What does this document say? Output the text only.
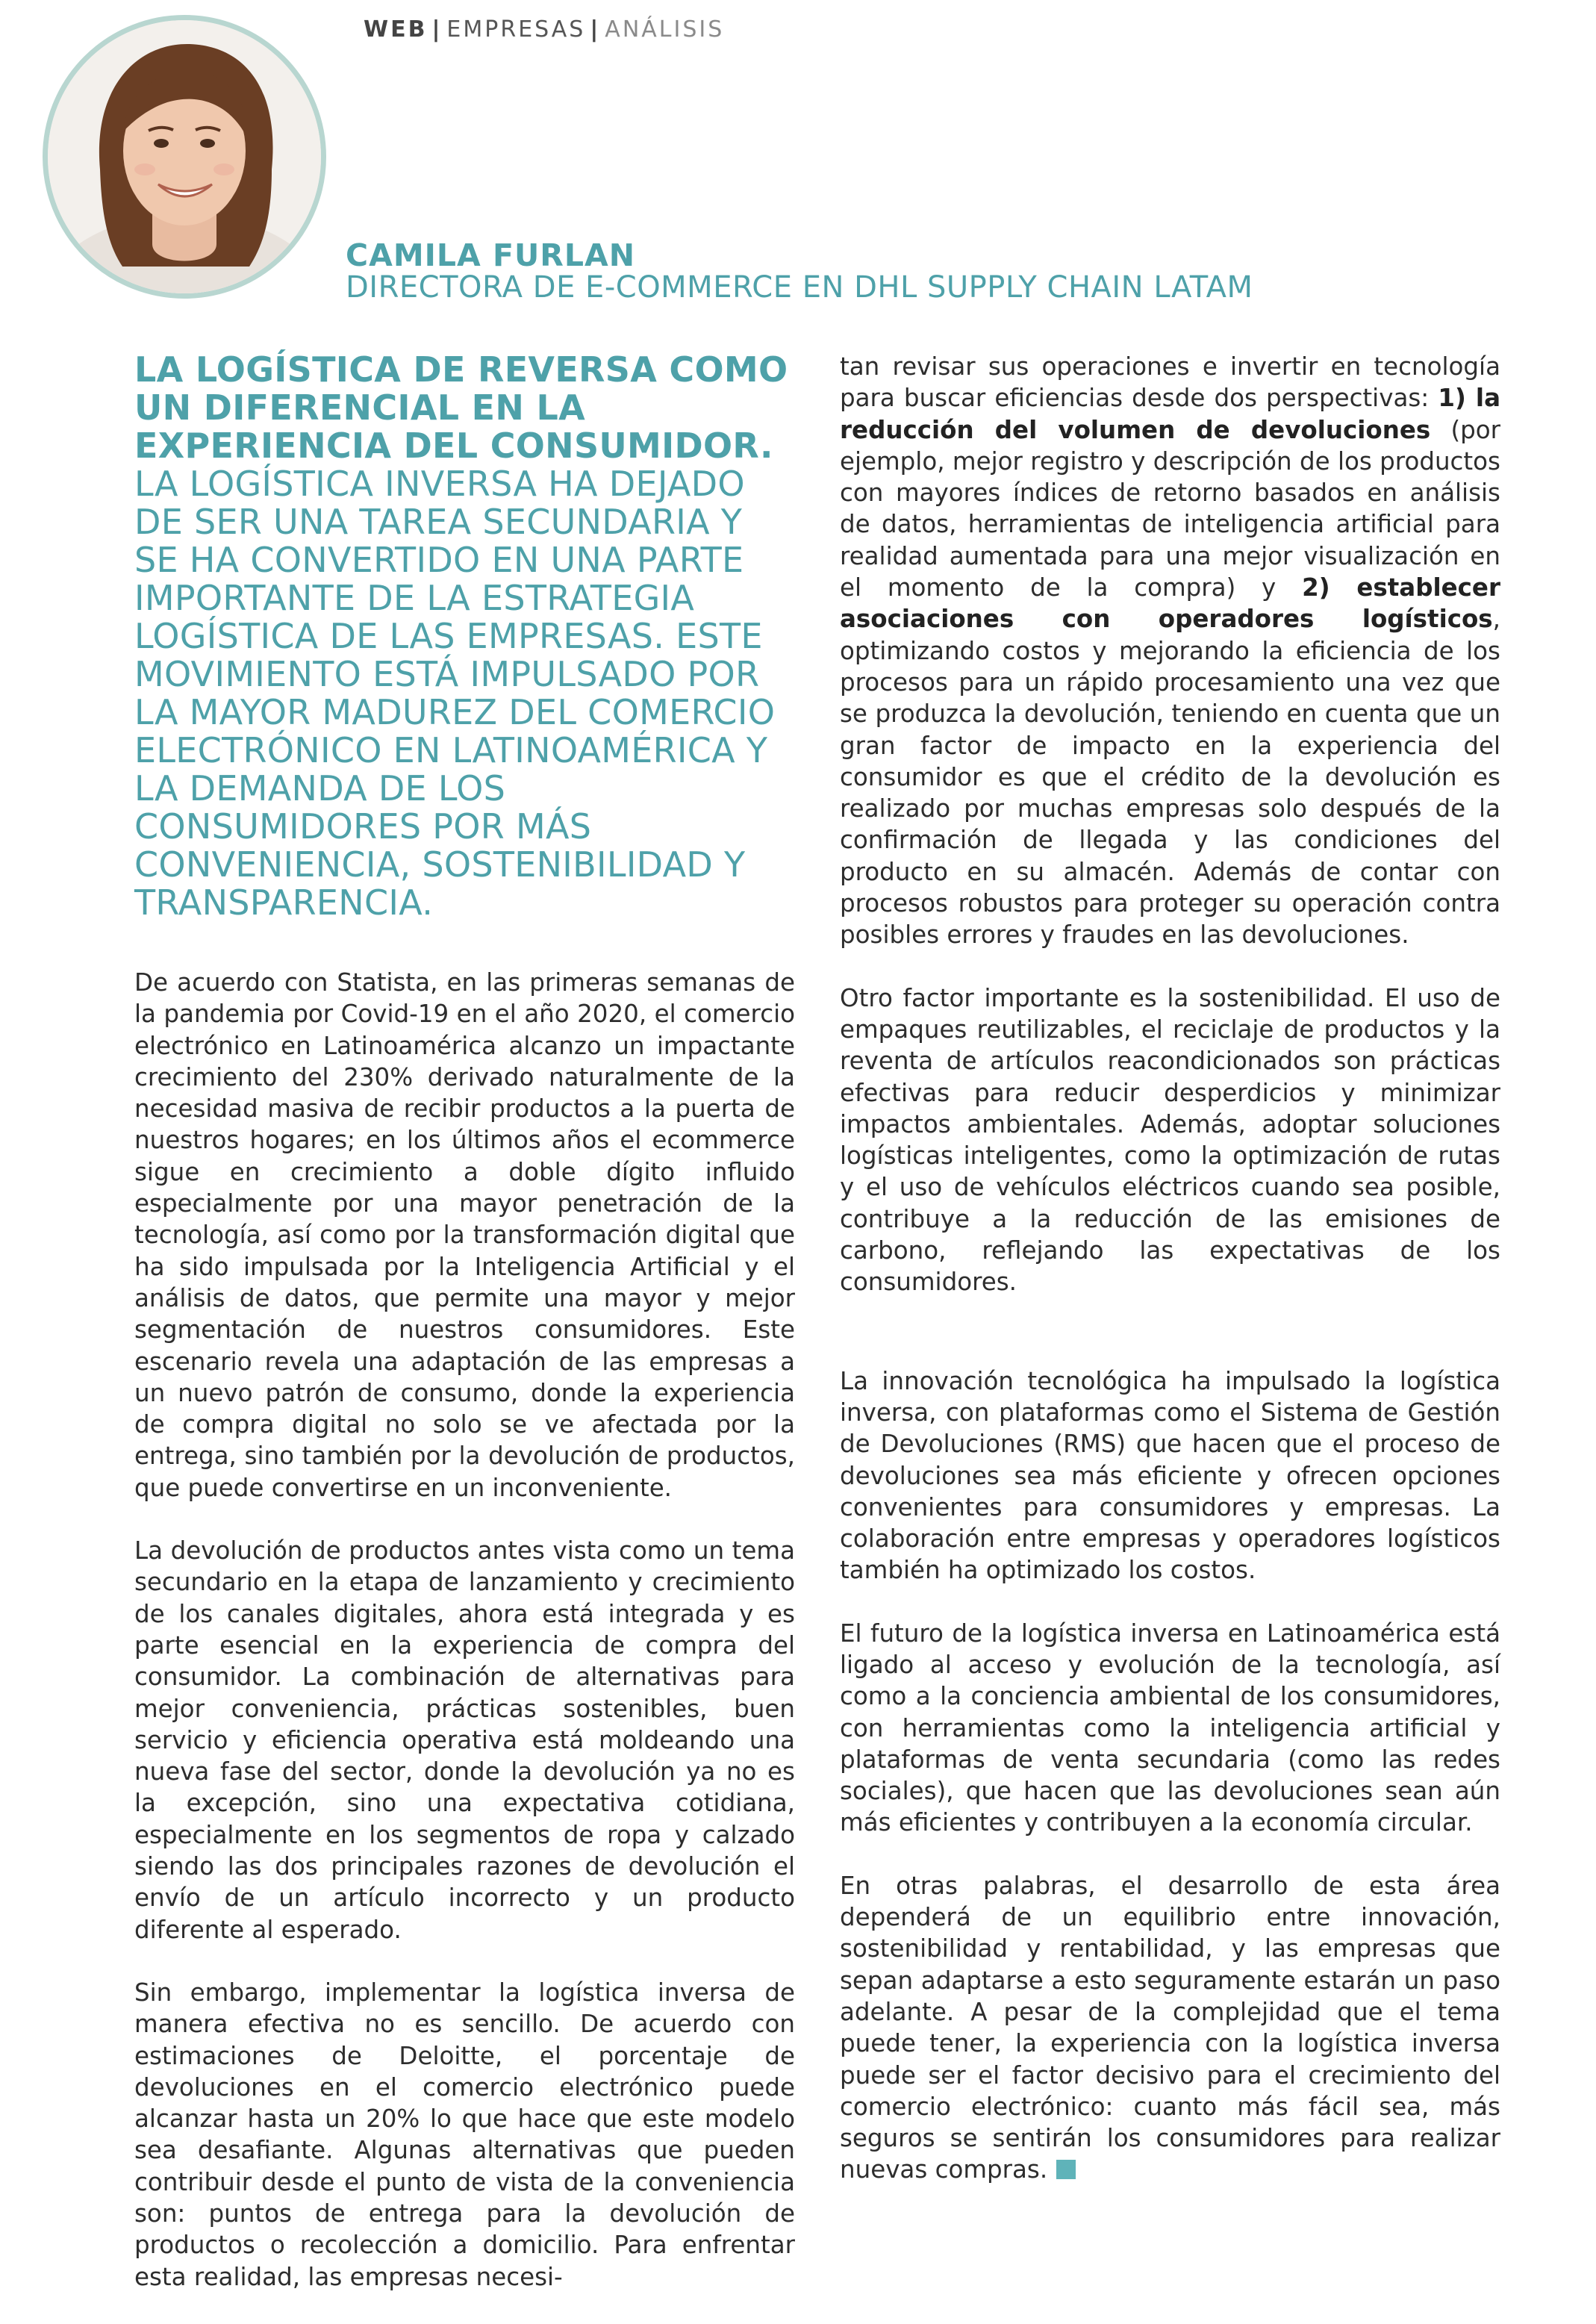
WEB | EMPRESAS | ANÁLISIS
CAMILA FURLAN
DIRECTORA DE E-COMMERCE EN DHL SUPPLY CHAIN LATAM
LA LOGÍSTICA DE REVERSA COMO UN DIFERENCIAL EN LA EXPERIENCIA DEL CONSUMIDOR.
LA LOGÍSTICA INVERSA HA DEJADO DE SER UNA TAREA SECUNDARIA Y SE HA CONVERTIDO EN UNA PARTE IMPORTANTE DE LA ESTRATEGIA LOGÍSTICA DE LAS EMPRESAS. ESTE MOVIMIENTO ESTÁ IMPULSADO POR LA MAYOR MADUREZ DEL COMERCIO ELECTRÓNICO EN LATINOAMÉRICA Y LA DEMANDA DE LOS CONSUMIDORES POR MÁS CONVENIENCIA, SOSTENIBILIDAD Y TRANSPARENCIA.

De acuerdo con Statista, en las primeras semanas de la pandemia por Covid-19 en el año 2020, el comercio electrónico en Latinoamérica alcanzo un impactante crecimiento del 230% derivado naturalmente de la necesidad masiva de recibir productos a la puerta de nuestros hogares; en los últimos años el ecommerce sigue en crecimiento a doble dígito influido especialmente por una mayor penetración de la tecnología, así como por la transformación digital que ha sido impulsada por la Inteligencia Artificial y el análisis de datos, que permite una mayor y mejor segmentación de nuestros consumidores. Este escenario revela una adaptación de las empresas a un nuevo patrón de consumo, donde la experiencia de compra digital no solo se ve afectada por la entrega, sino también por la devolución de productos, que puede convertirse en un inconveniente.

La devolución de productos antes vista como un tema secundario en la etapa de lanzamiento y crecimiento de los canales digitales, ahora está integrada y es parte esencial en la experiencia de compra del consumidor. La combinación de alternativas para mejor conveniencia, prácticas sostenibles, buen servicio y eficiencia operativa está moldeando una nueva fase del sector, donde la devolución ya no es la excepción, sino una expectativa cotidiana, especialmente en los segmentos de ropa y calzado siendo las dos principales razones de devolución el envío de un artículo incorrecto y un producto diferente al esperado.

Sin embargo, implementar la logística inversa de manera efectiva no es sencillo. De acuerdo con estimaciones de Deloitte, el porcentaje de devoluciones en el comercio electrónico puede alcanzar hasta un 20% lo que hace que este modelo sea desafiante. Algunas alternativas que pueden contribuir desde el punto de vista de la conveniencia son: puntos de entrega para la devolución de productos o recolección a domicilio. Para enfrentar esta realidad, las empresas necesi-

tan revisar sus operaciones e invertir en tecnología para buscar eficiencias desde dos perspectivas: 1) la reducción del volumen de devoluciones (por ejemplo, mejor registro y descripción de los productos con mayores índices de retorno basados en análisis de datos, herramientas de inteligencia artificial para realidad aumentada para una mejor visualización en el momento de la compra) y 2) establecer asociaciones con operadores logísticos, optimizando costos y mejorando la eficiencia de los procesos para un rápido procesamiento una vez que se produzca la devolución, teniendo en cuenta que un gran factor de impacto en la experiencia del consumidor es que el crédito de la devolución es realizado por muchas empresas solo después de la confirmación de llegada y las condiciones del producto en su almacén. Además de contar con procesos robustos para proteger su operación contra posibles errores y fraudes en las devoluciones.

Otro factor importante es la sostenibilidad. El uso de empaques reutilizables, el reciclaje de productos y la reventa de artículos reacondicionados son prácticas efectivas para reducir desperdicios y minimizar impactos ambientales. Además, adoptar soluciones logísticas inteligentes, como la optimización de rutas y el uso de vehículos eléctricos cuando sea posible, contribuye a la reducción de las emisiones de carbono, reflejando las expectativas de los consumidores.

La innovación tecnológica ha impulsado la logística inversa, con plataformas como el Sistema de Gestión de Devoluciones (RMS) que hacen que el proceso de devoluciones sea más eficiente y ofrecen opciones convenientes para consumidores y empresas. La colaboración entre empresas y operadores logísticos también ha optimizado los costos.

El futuro de la logística inversa en Latinoamérica está ligado al acceso y evolución de la tecnología, así como a la conciencia ambiental de los consumidores, con herramientas como la inteligencia artificial y plataformas de venta secundaria (como las redes sociales), que hacen que las devoluciones sean aún más eficientes y contribuyen a la economía circular.

En otras palabras, el desarrollo de esta área dependerá de un equilibrio entre innovación, sostenibilidad y rentabilidad, y las empresas que sepan adaptarse a esto seguramente estarán un paso adelante. A pesar de la complejidad que el tema puede tener, la experiencia con la logística inversa puede ser el factor decisivo para el crecimiento del comercio electrónico: cuanto más fácil sea, más seguros se sentirán los consumidores para realizar nuevas compras.
